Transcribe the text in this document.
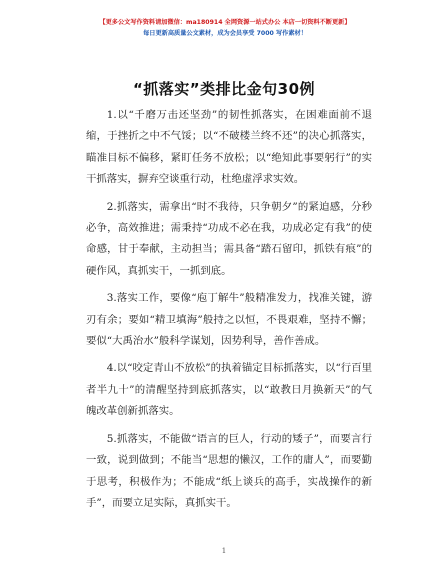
【更多公文写作资料请加微信：ma180914 全网资源一站式办公 本店一切资料不断更新】
每日更新高质量公文素材，成为会员享受 7000 写作素材！
“抓落实”类排比金句30例

1.以“千磨万击还坚劲”的韧性抓落实，在困难面前不退缩，于挫折之中不气馁；以“不破楼兰终不还”的决心抓落实，瞄准目标不偏移，紧盯任务不放松；以“绝知此事要躬行”的实干抓落实，摒弃空谈重行动，杜绝虚浮求实效。

2.抓落实，需拿出“时不我待，只争朝夕”的紧迫感，分秒必争，高效推进；需秉持“功成不必在我，功成必定有我”的使命感，甘于奉献，主动担当；需具备“踏石留印，抓铁有痕”的硬作风，真抓实干，一抓到底。

3.落实工作，要像“庖丁解牛”般精准发力，找准关键，游刃有余；要如“精卫填海”般持之以恒，不畏艰难，坚持不懈；要似“大禹治水”般科学谋划，因势利导，善作善成。

4.以“咬定青山不放松”的执着锚定目标抓落实，以“行百里者半九十”的清醒坚持到底抓落实，以“敢教日月换新天”的气魄改革创新抓落实。

5.抓落实，不能做“语言的巨人，行动的矮子”，而要言行一致，说到做到；不能当“思想的懒汉，工作的庸人”，而要勤于思考，积极作为；不能成“纸上谈兵的高手，实战操作的新手”，而要立足实际，真抓实干。

1
